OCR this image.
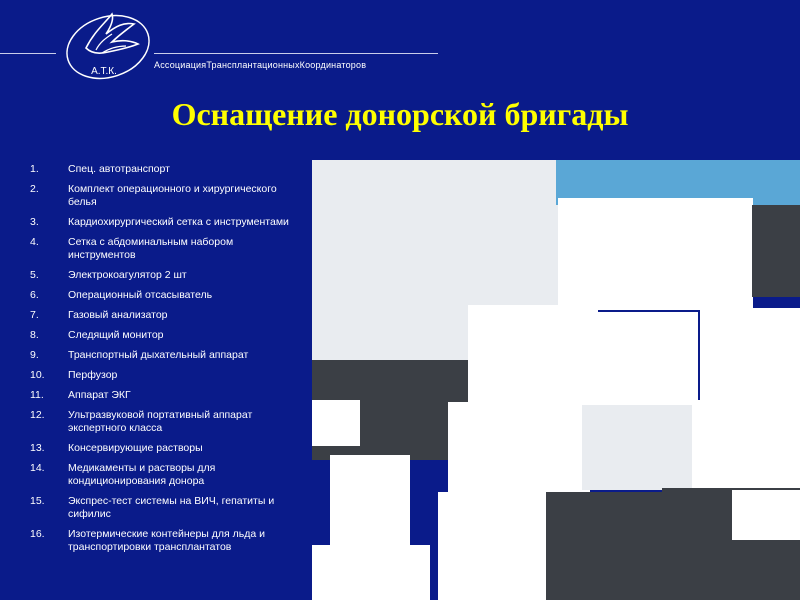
А.Т.К.
АссоциацияТрансплантационныхКоординаторов
Оснащение донорской бригады
1.	Спец. автотранспорт
2.	Комплект операционного и хирургического белья
3.	Кардиохирургический сетка с инструментами
4.	Сетка с абдоминальным набором инструментов
5.	Электрокоагулятор 2 шт
6.	Операционный отсасыватель
7.	Газовый анализатор
8.	Следящий монитор
9.	Транспортный дыхательный аппарат
10.	Перфузор
11.	Аппарат ЭКГ
12.	Ультразвуковой портативный аппарат экспертного класса
13.	Консервирующие растворы
14.	Медикаменты и растворы для кондиционирования донора
15.	Экспрес-тест системы на ВИЧ, гепатиты и сифилис
16.	Изотермические контейнеры для льда и транспортировки трансплантатов
